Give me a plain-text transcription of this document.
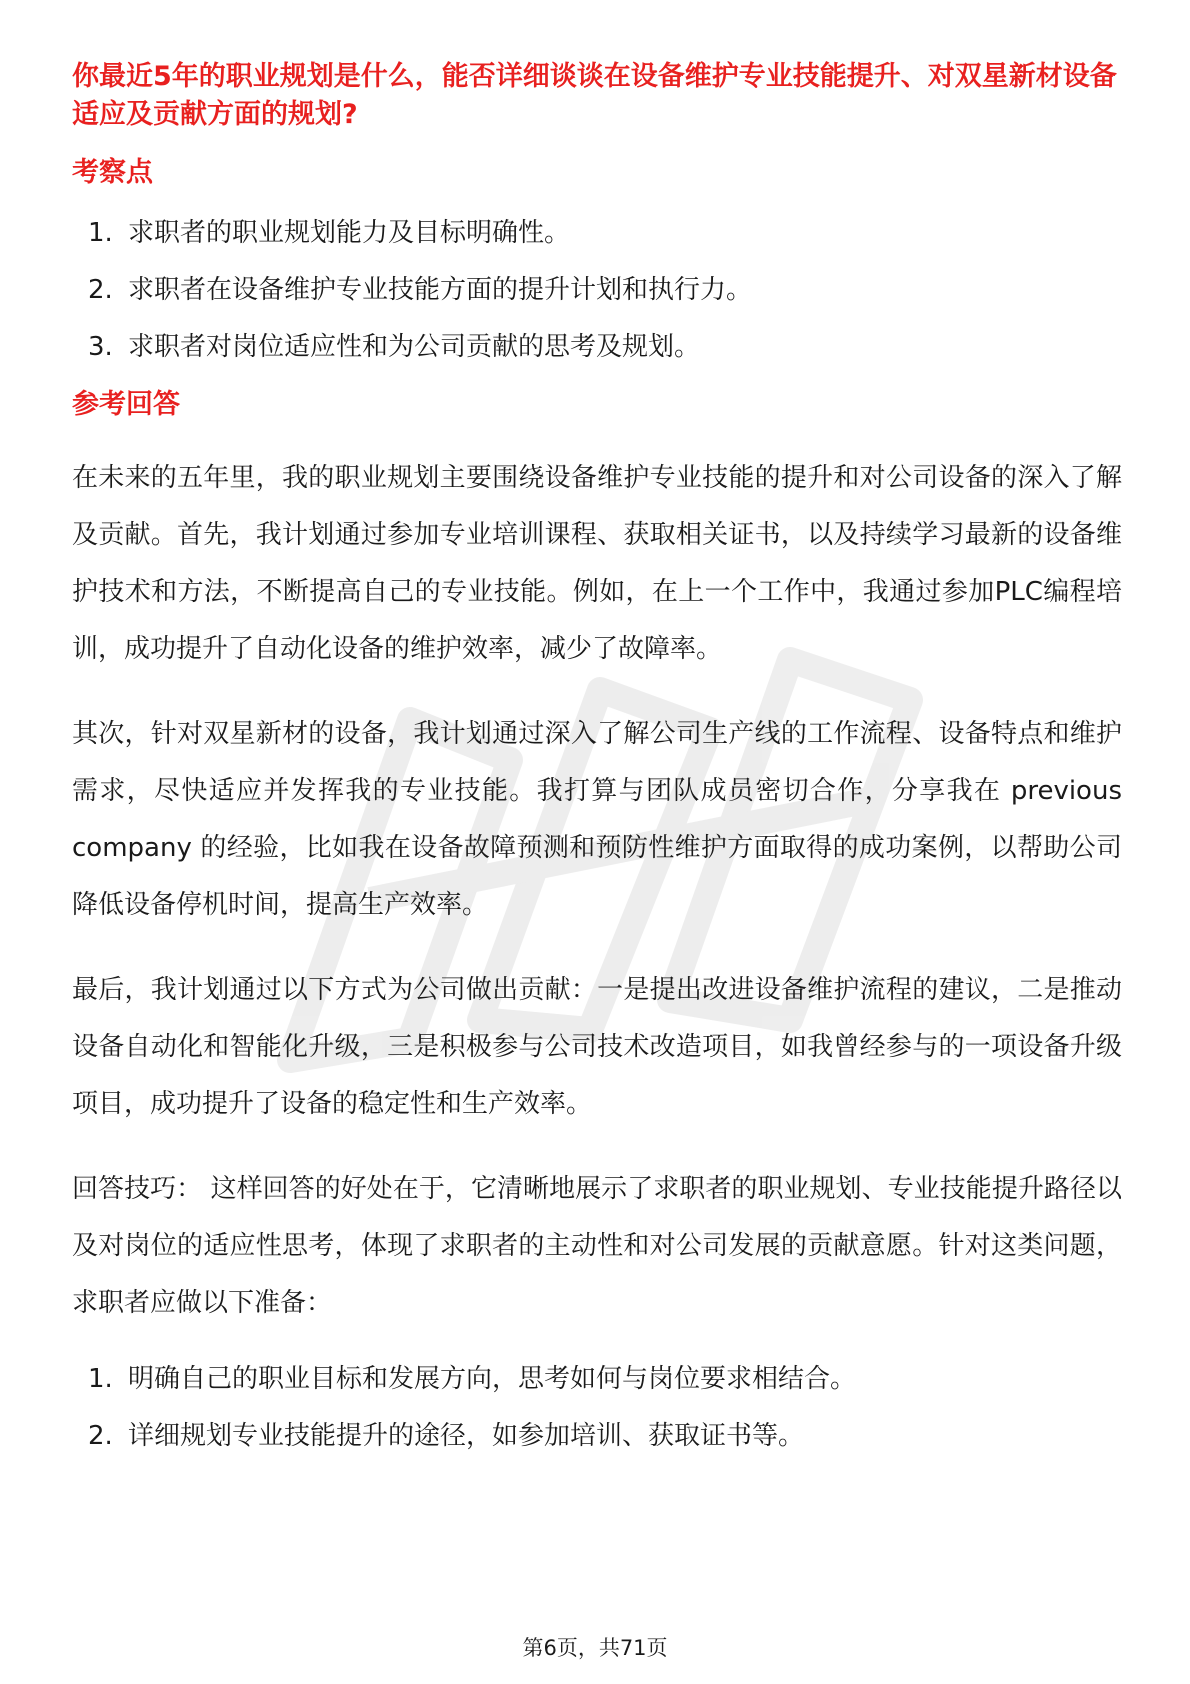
你最近5年的职业规划是什么，能否详细谈谈在设备维护专业技能提升、对双星新材设备适应及贡献方面的规划?
考察点
1. 求职者的职业规划能力及目标明确性。
2. 求职者在设备维护专业技能方面的提升计划和执行力。
3. 求职者对岗位适应性和为公司贡献的思考及规划。
参考回答

在未来的五年里，我的职业规划主要围绕设备维护专业技能的提升和对公司设备的深入了解及贡献。首先，我计划通过参加专业培训课程、获取相关证书，以及持续学习最新的设备维护技术和方法，不断提高自己的专业技能。例如，在上一个工作中，我通过参加PLC编程培训，成功提升了自动化设备的维护效率，减少了故障率。

其次，针对双星新材的设备，我计划通过深入了解公司生产线的工作流程、设备特点和维护需求，尽快适应并发挥我的专业技能。我打算与团队成员密切合作，分享我在 previous company 的经验，比如我在设备故障预测和预防性维护方面取得的成功案例，以帮助公司降低设备停机时间，提高生产效率。

最后，我计划通过以下方式为公司做出贡献：一是提出改进设备维护流程的建议，二是推动设备自动化和智能化升级，三是积极参与公司技术改造项目，如我曾经参与的一项设备升级项目，成功提升了设备的稳定性和生产效率。

回答技巧： 这样回答的好处在于，它清晰地展示了求职者的职业规划、专业技能提升路径以及对岗位的适应性思考，体现了求职者的主动性和对公司发展的贡献意愿。针对这类问题，求职者应做以下准备：

1. 明确自己的职业目标和发展方向，思考如何与岗位要求相结合。
2. 详细规划专业技能提升的途径，如参加培训、获取证书等。
第6页，共71页
